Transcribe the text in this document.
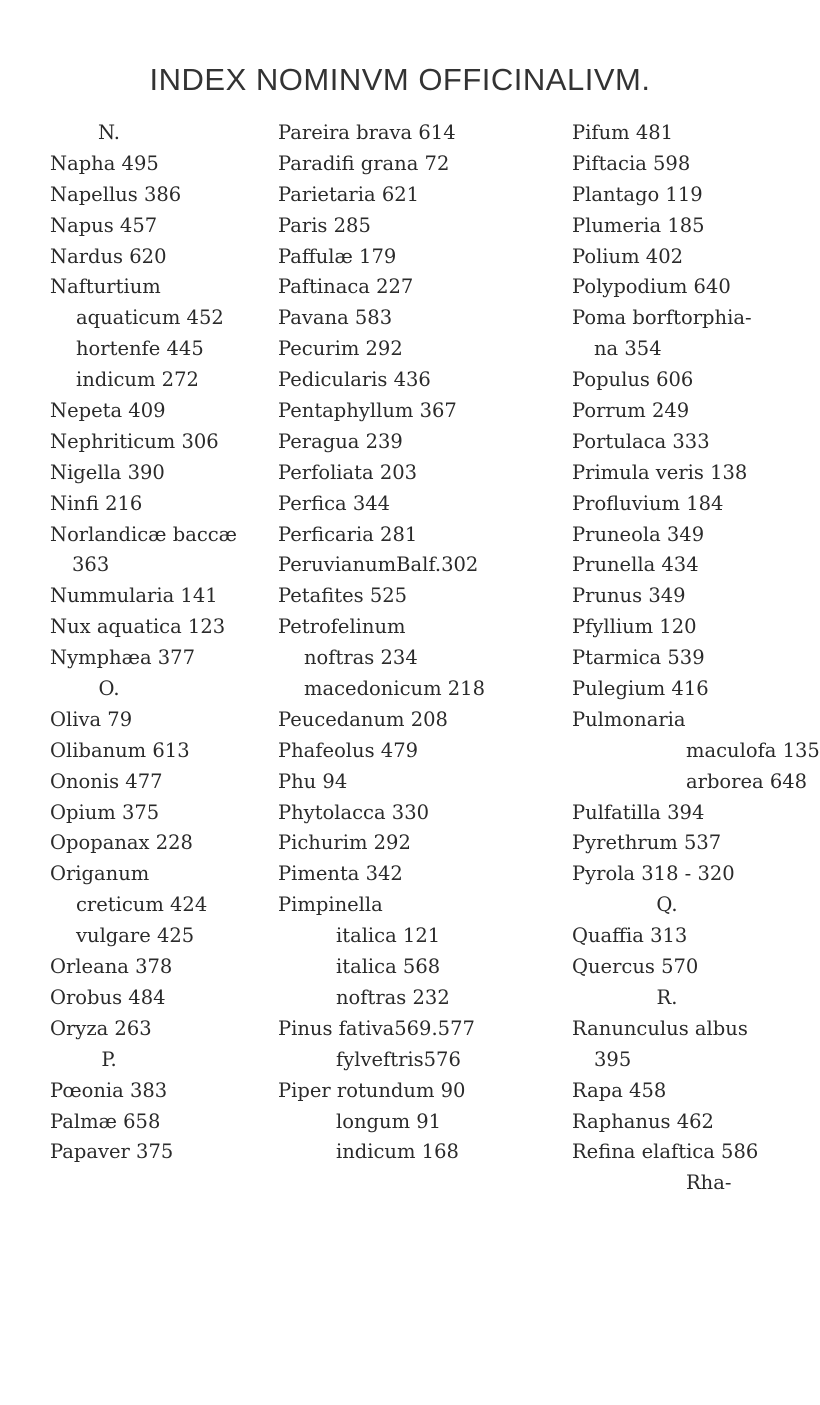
INDEX NOMINVM OFFICINALIVM.
N.
Napha 495
Napellus 386
Napus 457
Nardus 620
Nafturtium
aquaticum 452
hortenfe 445
indicum 272
Nepeta 409
Nephriticum 306
Nigella 390
Ninfi 216
Norlandicæ baccæ
363
Nummularia 141
Nux aquatica 123
Nymphæa 377
O.
Oliva 79
Olibanum 613
Ononis 477
Opium 375
Opopanax 228
Origanum
creticum 424
vulgare 425
Orleana 378
Orobus 484
Oryza 263
P.
Pœonia 383
Palmæ 658
Papaver 375
Pareira brava 614
Paradifi grana 72
Parietaria 621
Paris 285
Paffulæ 179
Paftinaca 227
Pavana 583
Pecurim 292
Pedicularis 436
Pentaphyllum 367
Peragua 239
Perfoliata 203
Perfica 344
Perficaria 281
PeruvianumBalf.302
Petafites 525
Petrofelinum
noftras 234
macedonicum 218
Peucedanum 208
Phafeolus 479
Phu 94
Phytolacca 330
Pichurim 292
Pimenta 342
Pimpinella
italica 121
italica 568
noftras 232
Pinus fativa569.577
fylveftris576
Piper rotundum 90
longum 91
indicum 168
Pifum 481
Piftacia 598
Plantago 119
Plumeria 185
Polium 402
Polypodium 640
Poma borftorphia-
na 354
Populus 606
Porrum 249
Portulaca 333
Primula veris 138
Profluvium 184
Pruneola 349
Prunella 434
Prunus 349
Pfyllium 120
Ptarmica 539
Pulegium 416
Pulmonaria
maculofa 135
arborea 648
Pulfatilla 394
Pyrethrum 537
Pyrola 318 - 320
Q.
Quaffia 313
Quercus 570
R.
Ranunculus albus
395
Rapa 458
Raphanus 462
Refina elaftica 586
Rha-
